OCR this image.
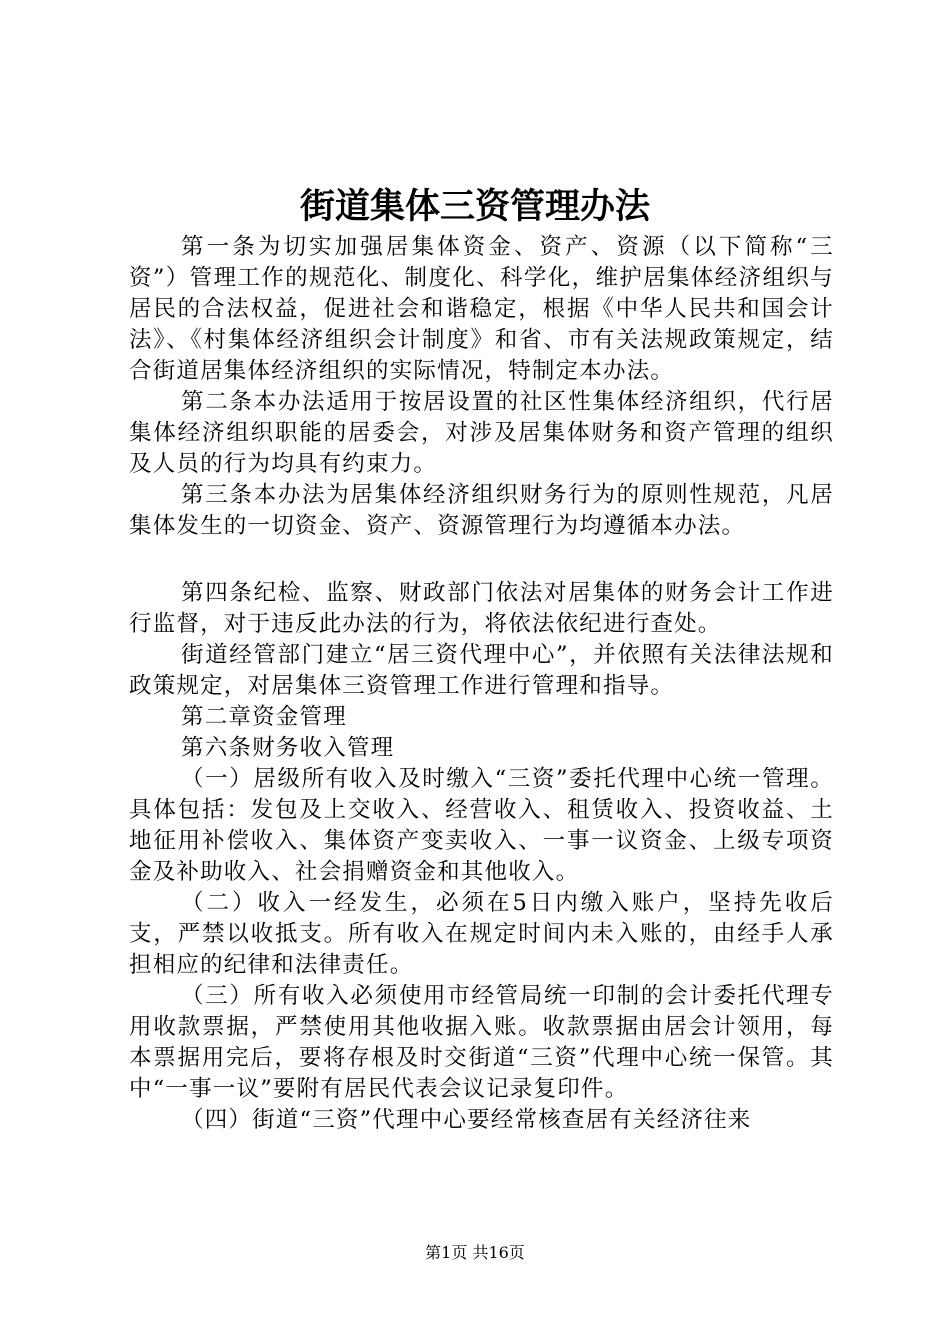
街道集体三资管理办法

第一条为切实加强居集体资金、资产、资源（以下简称“三资”）管理工作的规范化、制度化、科学化，维护居集体经济组织与居民的合法权益，促进社会和谐稳定，根据《中华人民共和国会计法》、《村集体经济组织会计制度》和省、市有关法规政策规定，结合街道居集体经济组织的实际情况，特制定本办法。

第二条本办法适用于按居设置的社区性集体经济组织，代行居集体经济组织职能的居委会，对涉及居集体财务和资产管理的组织及人员的行为均具有约束力。

第三条本办法为居集体经济组织财务行为的原则性规范，凡居集体发生的一切资金、资产、资源管理行为均遵循本办法。

第四条纪检、监察、财政部门依法对居集体的财务会计工作进行监督，对于违反此办法的行为，将依法依纪进行查处。

街道经管部门建立“居三资代理中心”，并依照有关法律法规和政策规定，对居集体三资管理工作进行管理和指导。

第二章资金管理

第六条财务收入管理

（一）居级所有收入及时缴入“三资”委托代理中心统一管理。具体包括：发包及上交收入、经营收入、租赁收入、投资收益、土地征用补偿收入、集体资产变卖收入、一事一议资金、上级专项资金及补助收入、社会捐赠资金和其他收入。

（二）收入一经发生，必须在5日内缴入账户，坚持先收后支，严禁以收抵支。所有收入在规定时间内未入账的，由经手人承担相应的纪律和法律责任。

（三）所有收入必须使用市经管局统一印制的会计委托代理专用收款票据，严禁使用其他收据入账。收款票据由居会计领用，每本票据用完后，要将存根及时交街道“三资”代理中心统一保管。其中“一事一议”要附有居民代表会议记录复印件。

（四）街道“三资”代理中心要经常核查居有关经济往来

第1页 共16页
